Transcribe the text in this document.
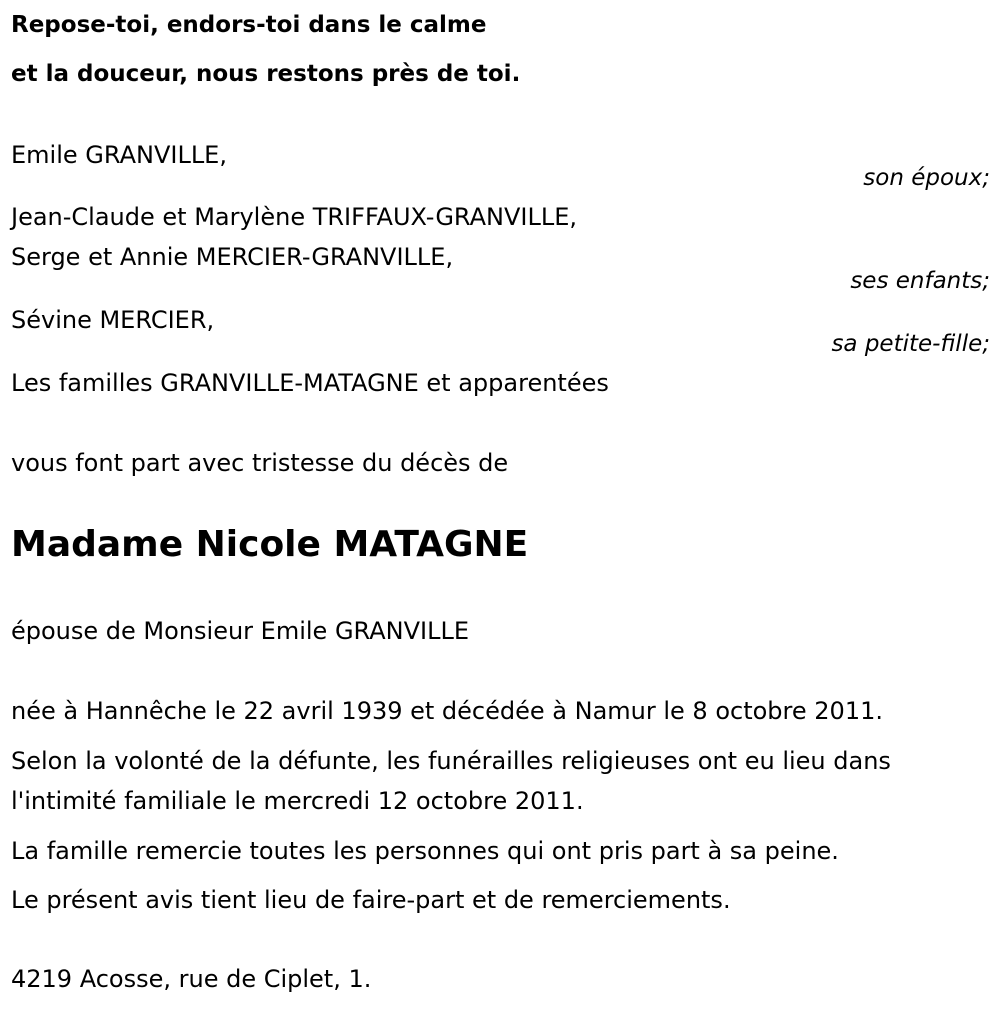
Repose-toi, endors-toi dans le calme
et la douceur, nous restons près de toi.
Emile GRANVILLE,
son époux;
Jean-Claude et Marylène TRIFFAUX-GRANVILLE,
Serge et Annie MERCIER-GRANVILLE,
ses enfants;
Sévine MERCIER,
sa petite-fille;
Les familles GRANVILLE-MATAGNE et apparentées
vous font part avec tristesse du décès de
Madame Nicole MATAGNE
épouse de Monsieur Emile GRANVILLE
née à Hannêche le 22 avril 1939 et décédée à Namur le 8 octobre 2011.
Selon la volonté de la défunte, les funérailles religieuses ont eu lieu dans
l'intimité familiale le mercredi 12 octobre 2011.
La famille remercie toutes les personnes qui ont pris part à sa peine.
Le présent avis tient lieu de faire-part et de remerciements.
4219 Acosse, rue de Ciplet, 1.
